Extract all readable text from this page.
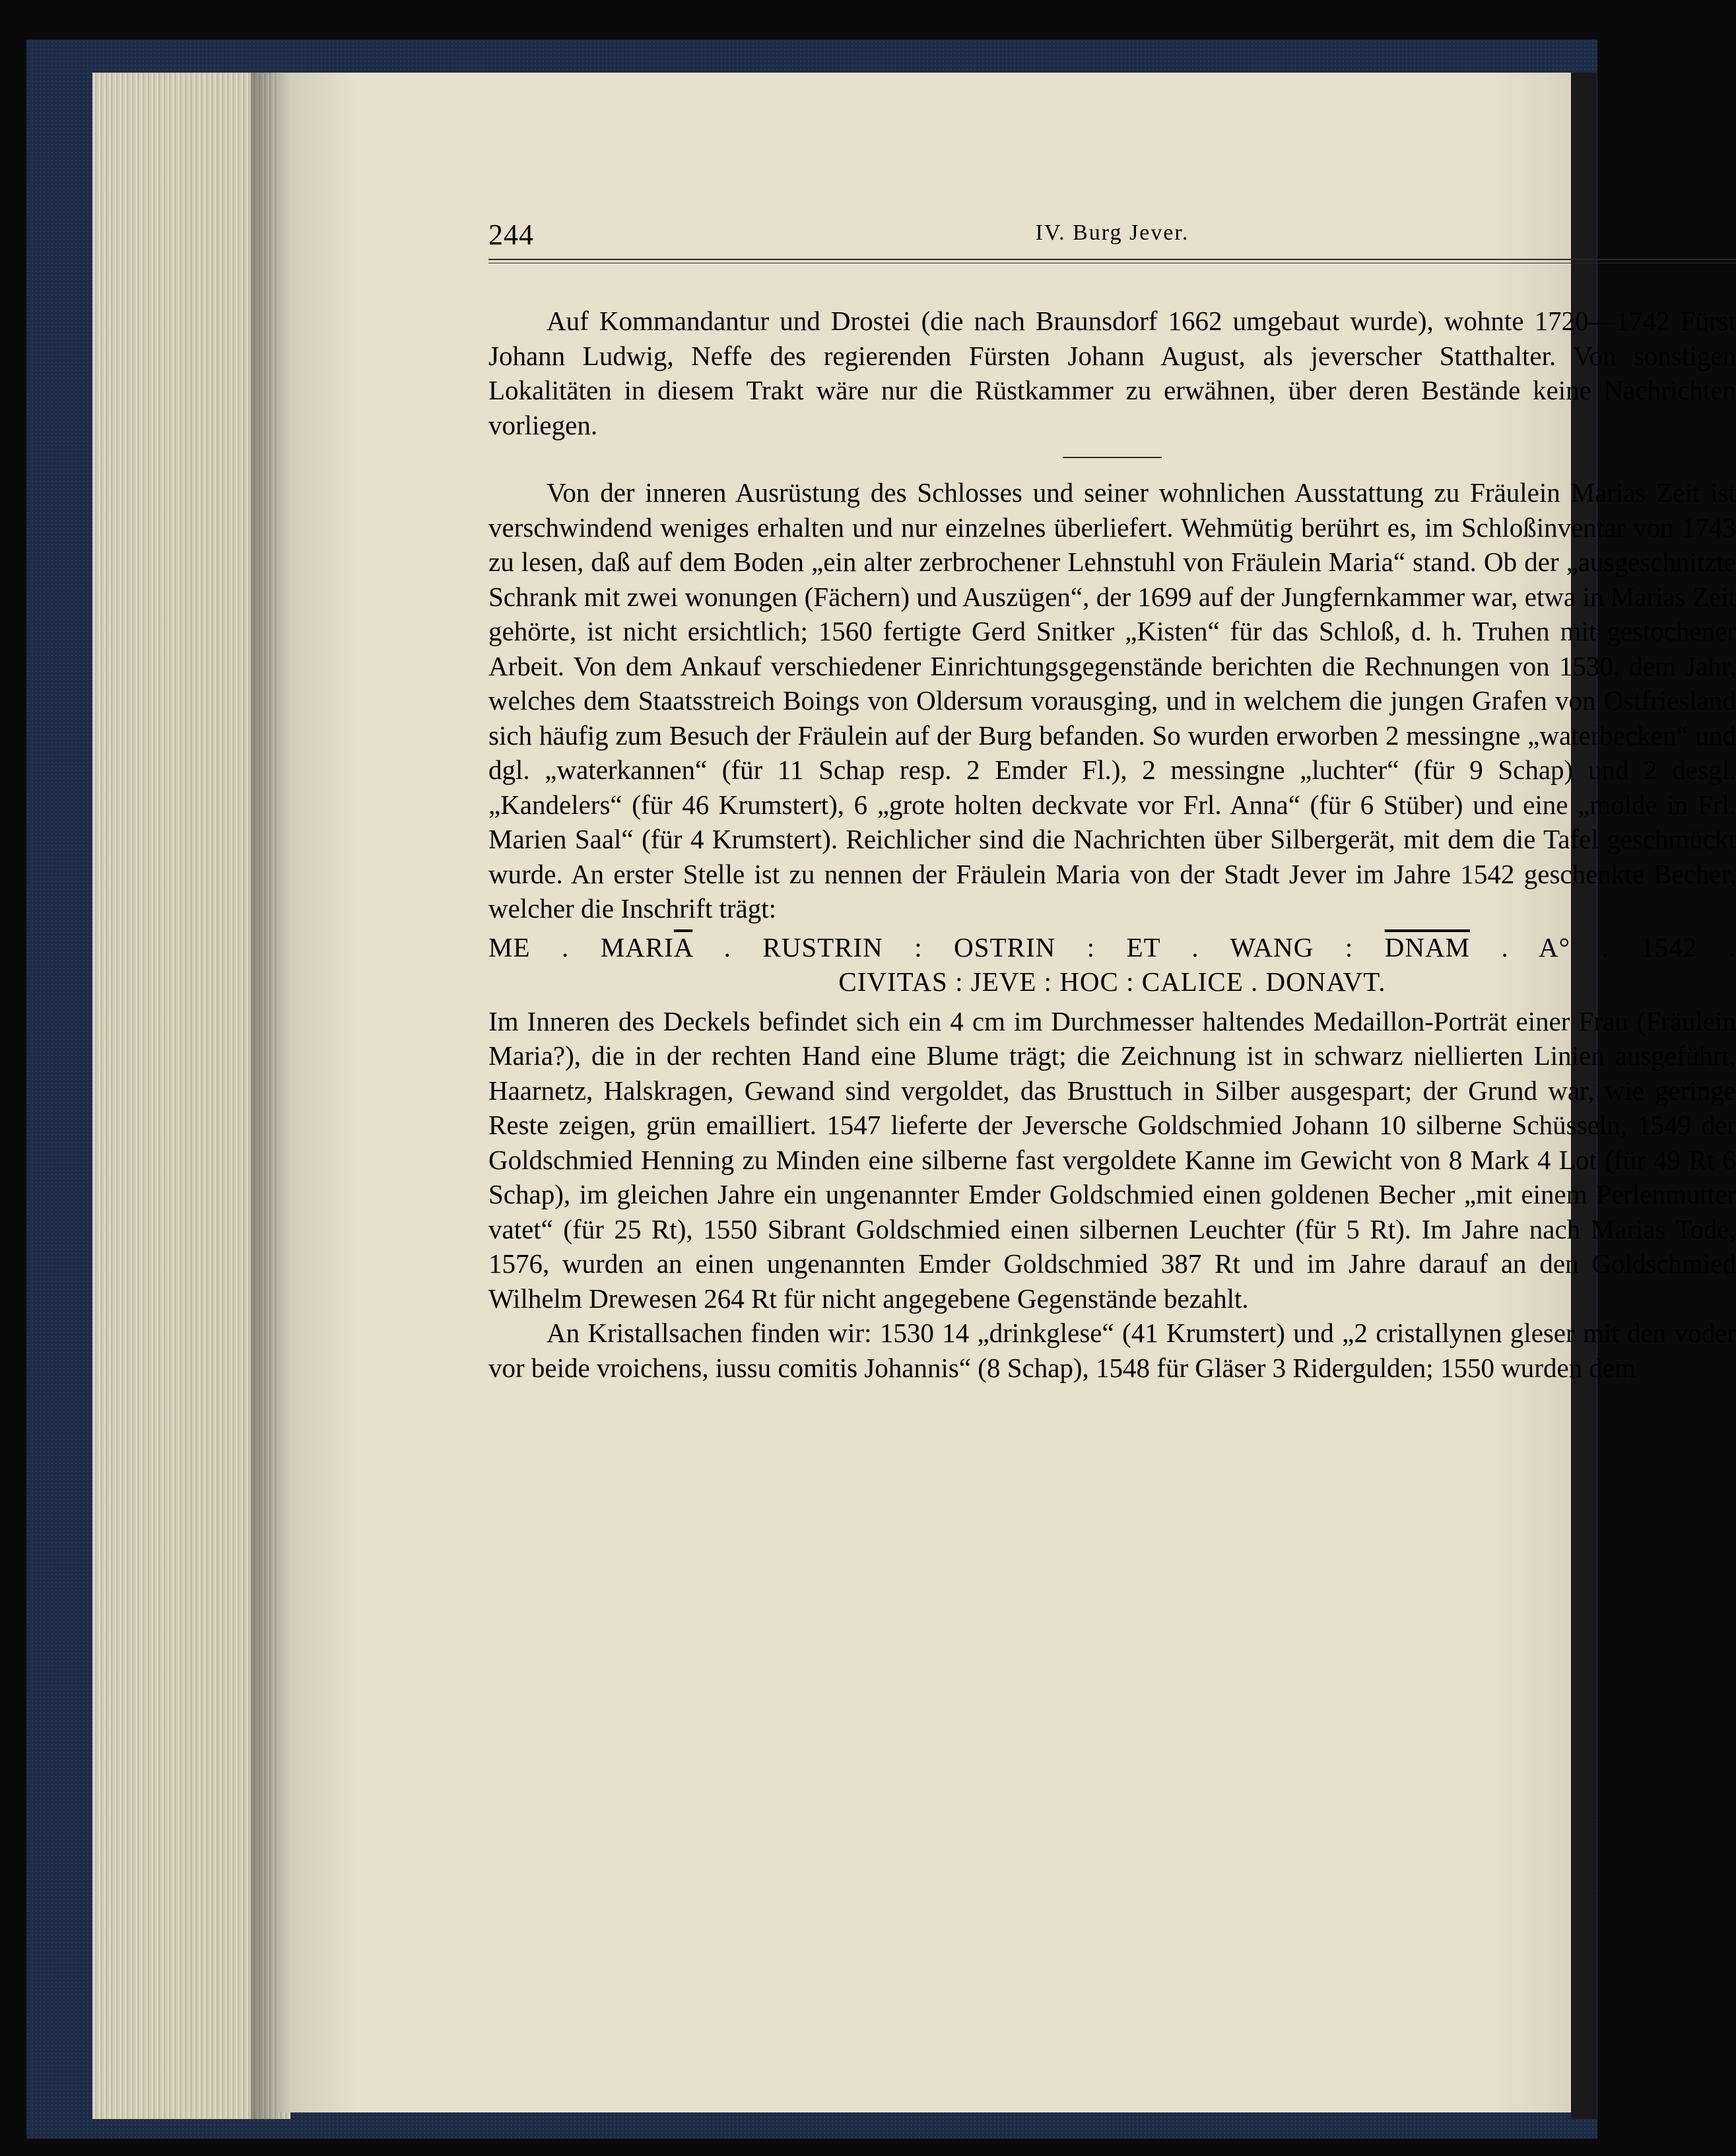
244	IV. Burg Jever.

Auf Kommandantur und Drostei (die nach Braunsdorf 1662 umgebaut wurde), wohnte 1720—1742 Fürst Johann Ludwig, Neffe des regierenden Fürsten Johann August, als jeverscher Statthalter. Von sonstigen Lokalitäten in diesem Trakt wäre nur die Rüstkammer zu erwähnen, über deren Bestände keine Nachrichten vorliegen.

Von der inneren Ausrüstung des Schlosses und seiner wohnlichen Ausstattung zu Fräulein Marias Zeit ist verschwindend weniges erhalten und nur einzelnes überliefert. Wehmütig berührt es, im Schloßinventar von 1743 zu lesen, daß auf dem Boden „ein alter zerbrochener Lehnstuhl von Fräulein Maria“ stand. Ob der „ausgeschnitzte Schrank mit zwei wonungen (Fächern) und Auszügen“, der 1699 auf der Jungfernkammer war, etwa in Marias Zeit gehörte, ist nicht ersichtlich; 1560 fertigte Gerd Snitker „Kisten“ für das Schloß, d. h. Truhen mit gestochener Arbeit. Von dem Ankauf verschiedener Einrichtungsgegenstände berichten die Rechnungen von 1530, dem Jahr, welches dem Staatsstreich Boings von Oldersum vorausging, und in welchem die jungen Grafen von Ostfriesland sich häufig zum Besuch der Fräulein auf der Burg befanden. So wurden erworben 2 messingne „waterbecken“ und dgl. „waterkannen“ (für 11 Schap resp. 2 Emder Fl.), 2 messingne „luchter“ (für 9 Schap) und 2 desgl. „Kandelers“ (für 46 Krumstert), 6 „grote holten deckvate vor Frl. Anna“ (für 6 Stüber) und eine „molde in Frl. Marien Saal“ (für 4 Krumstert). Reichlicher sind die Nachrichten über Silbergerät, mit dem die Tafel geschmückt wurde. An erster Stelle ist zu nennen der Fräulein Maria von der Stadt Jever im Jahre 1542 geschenkte Becher, welcher die Inschrift trägt:

ME . $MARI\overline{A}$ . RUSTRIN : OSTRIN : ET . WANG : DNAM . A° . 1542 .
CIVITAS : JEVE : HOC : CALICE . DONAVT.

Im Inneren des Deckels befindet sich ein 4 cm im Durchmesser haltendes Medaillon-Porträt einer Frau (Fräulein Maria?), die in der rechten Hand eine Blume trägt; die Zeichnung ist in schwarz niellierten Linien ausgeführt, Haarnetz, Halskragen, Gewand sind vergoldet, das Brusttuch in Silber ausgespart; der Grund war, wie geringe Reste zeigen, grün emailliert. 1547 lieferte der Jeversche Goldschmied Johann 10 silberne Schüsseln, 1549 der Goldschmied Henning zu Minden eine silberne fast vergoldete Kanne im Gewicht von 8 Mark 4 Lot (für 49 Rt 6 Schap), im gleichen Jahre ein ungenannter Emder Goldschmied einen goldenen Becher „mit einem Perlenmutter vatet“ (für 25 Rt), 1550 Sibrant Goldschmied einen silbernen Leuchter (für 5 Rt). Im Jahre nach Marias Tode, 1576, wurden an einen ungenannten Emder Goldschmied 387 Rt und im Jahre darauf an den Goldschmied Wilhelm Drewesen 264 Rt für nicht angegebene Gegenstände bezahlt.

An Kristallsachen finden wir: 1530 14 „drinkglese“ (41 Krumstert) und „2 cristallynen gleser mit den voder vor beide vroichens, iussu comitis Johannis“ (8 Schap), 1548 für Gläser 3 Ridergulden; 1550 wurden dem
